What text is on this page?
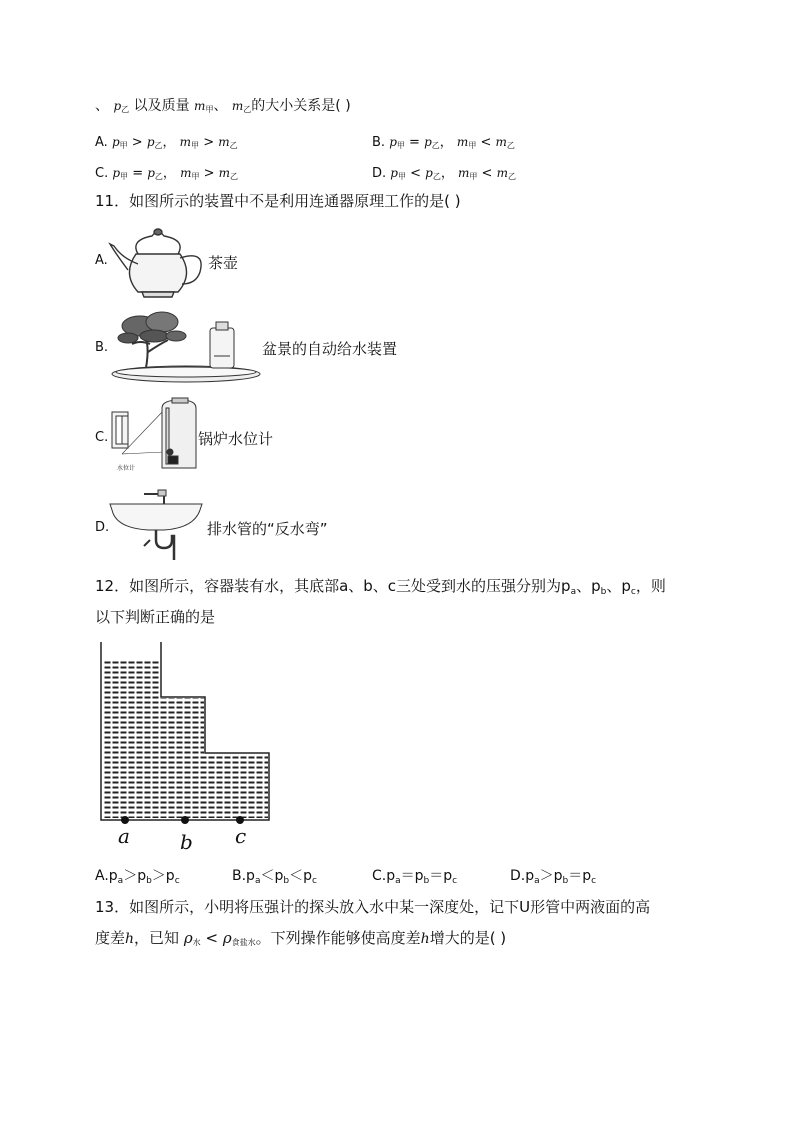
、 p乙 以及质量 m甲、 m乙的大小关系是( )
A. p甲 > p乙， m甲 > m乙	B. p甲 = p乙， m甲 < m乙
C. p甲 = p乙， m甲 > m乙	D. p甲 < p乙， m甲 < m乙
11．如图所示的装置中不是利用连通器原理工作的是( )
A.	茶壶
B.	盆景的自动给水装置
C.
水位计
锅炉水位计
D.	排水管的“反水弯”
12．如图所示，容器装有水，其底部a、b、c三处受到水的压强分别为$p_a$、$p_b$、$p_c$，则
以下判断正确的是
a	b c
$A.p_a>p_b>p_c$	$B.p_a<p_b<p_c$	$C.p_a=p_b=p_c$	$D.p_a>p_b=p_c$
13．如图所示，小明将压强计的探头放入水中某一深度处，记下U形管中两液面的高
度差h，已知 ρ水 < ρ食盐水。下列操作能够使高度差h增大的是( )
